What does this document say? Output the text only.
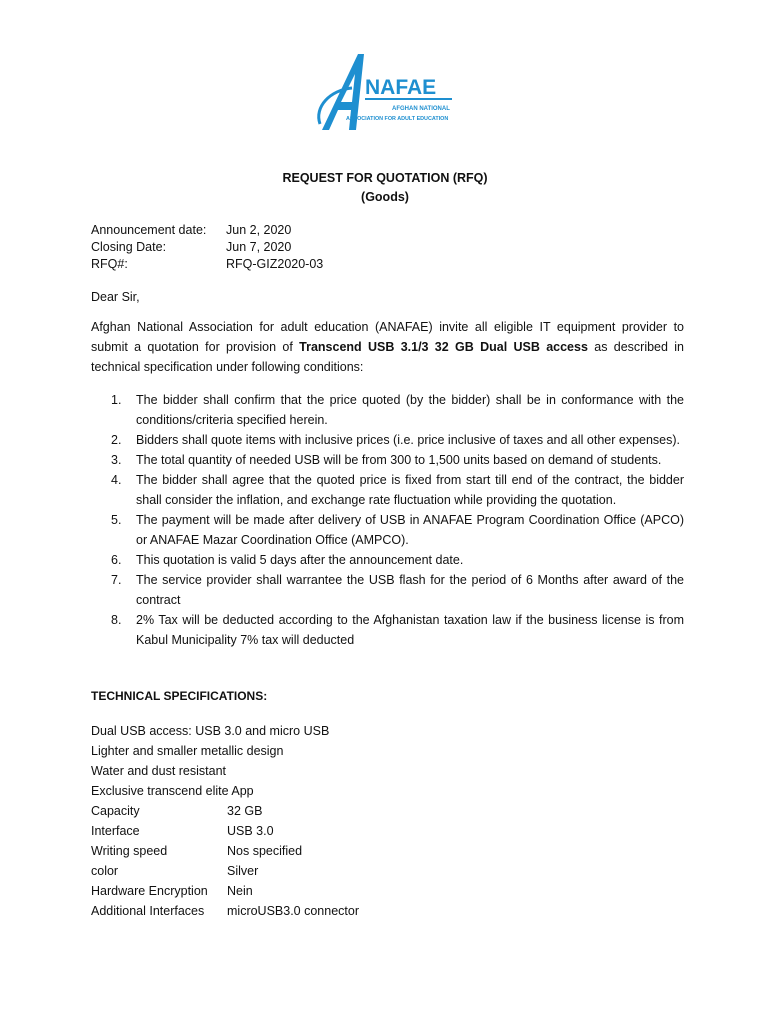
NAFAE
AFGHAN NATIONAL
ASSOCIATION FOR ADULT EDUCATION
REQUEST FOR QUOTATION (RFQ)
(Goods)
Announcement date:	Jun 2, 2020
Closing Date:	Jun 7, 2020
RFQ#:	RFQ-GIZ2020-03
Dear Sir,
Afghan National Association for adult education (ANAFAE) invite all eligible IT equipment provider to submit a quotation for provision of Transcend USB 3.1/3 32 GB Dual USB access as described in technical specification under following conditions:
1.	The bidder shall confirm that the price quoted (by the bidder) shall be in conformance with the conditions/criteria specified herein.
2.	Bidders shall quote items with inclusive prices (i.e. price inclusive of taxes and all other expenses).
3.	The total quantity of needed USB will be from 300 to 1,500 units based on demand of students.
4.	The bidder shall agree that the quoted price is fixed from start till end of the contract, the bidder shall consider the inflation, and exchange rate fluctuation while providing the quotation.
5.	The payment will be made after delivery of USB in ANAFAE Program Coordination Office (APCO) or ANAFAE Mazar Coordination Office (AMPCO).
6.	This quotation is valid 5 days after the announcement date.
7.	The service provider shall warrantee the USB flash for the period of 6 Months after award of the contract
8.	2% Tax will be deducted according to the Afghanistan taxation law if the business license is from Kabul Municipality 7% tax will deducted
TECHNICAL SPECIFICATIONS:
Dual USB access: USB 3.0 and micro USB
Lighter and smaller metallic design
Water and dust resistant
Exclusive transcend elite App
Capacity	32 GB
Interface	USB 3.0
Writing speed	Nos specified
color	Silver
Hardware Encryption	Nein
Additional Interfaces	microUSB3.0 connector
